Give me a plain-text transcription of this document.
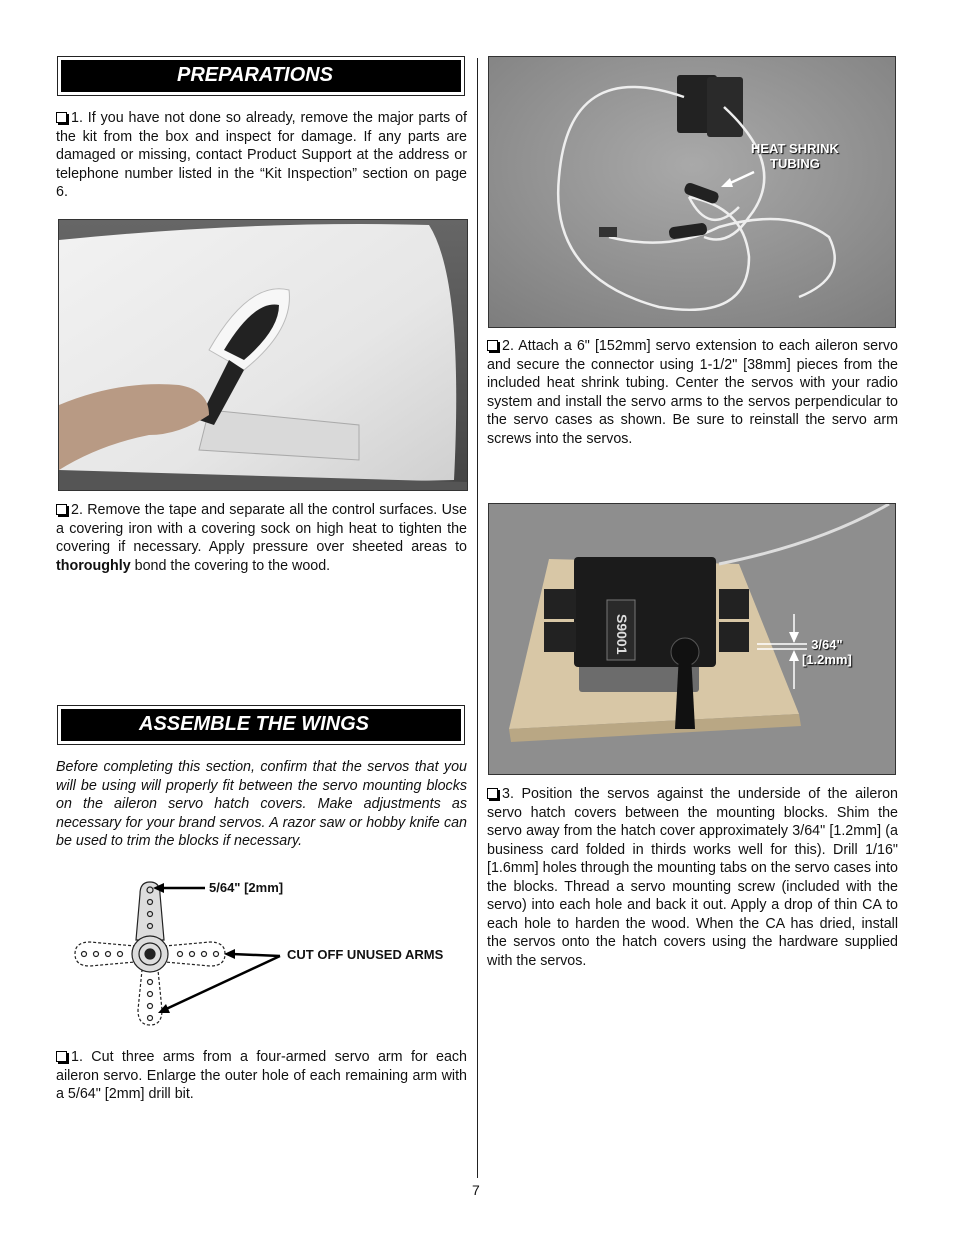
PREPARATIONS
1. If you have not done so already, remove the major parts of the kit from the box and inspect for damage. If any parts are damaged or missing, contact Product Support at the address or telephone number listed in the “Kit Inspection” section on page 6.
2. Remove the tape and separate all the control surfaces. Use a covering iron with a covering sock on high heat to tighten the covering if necessary. Apply pressure over sheeted areas to thoroughly bond the covering to the wood.
ASSEMBLE THE WINGS
Before completing this section, confirm that the servos that you will be using will properly fit between the servo mounting blocks on the aileron servo hatch covers. Make adjustments as necessary for your brand servos. A razor saw or hobby knife can be used to trim the blocks if necessary.
5/64" [2mm]
CUT OFF UNUSED ARMS
1. Cut three arms from a four-armed servo arm for each aileron servo. Enlarge the outer hole of each remaining arm with a 5/64" [2mm] drill bit.
HEAT SHRINK
TUBING
2. Attach a 6" [152mm] servo extension to each aileron servo and secure the connector using 1-1/2" [38mm] pieces from the included heat shrink tubing. Center the servos with your radio system and install the servo arms to the servos perpendicular to the servo cases as shown. Be sure to reinstall the servo arm screws into the servos.
S9001	3/64"
[1.2mm]
3. Position the servos against the underside of the aileron servo hatch covers between the mounting blocks. Shim the servo away from the hatch cover approximately 3/64" [1.2mm] (a business card folded in thirds works well for this). Drill 1/16" [1.6mm] holes through the mounting tabs on the servo cases into the blocks. Thread a servo mounting screw (included with the servo) into each hole and back it out. Apply a drop of thin CA to each hole to harden the wood. When the CA has dried, install the servos onto the hatch covers using the hardware supplied with the servos.
7
